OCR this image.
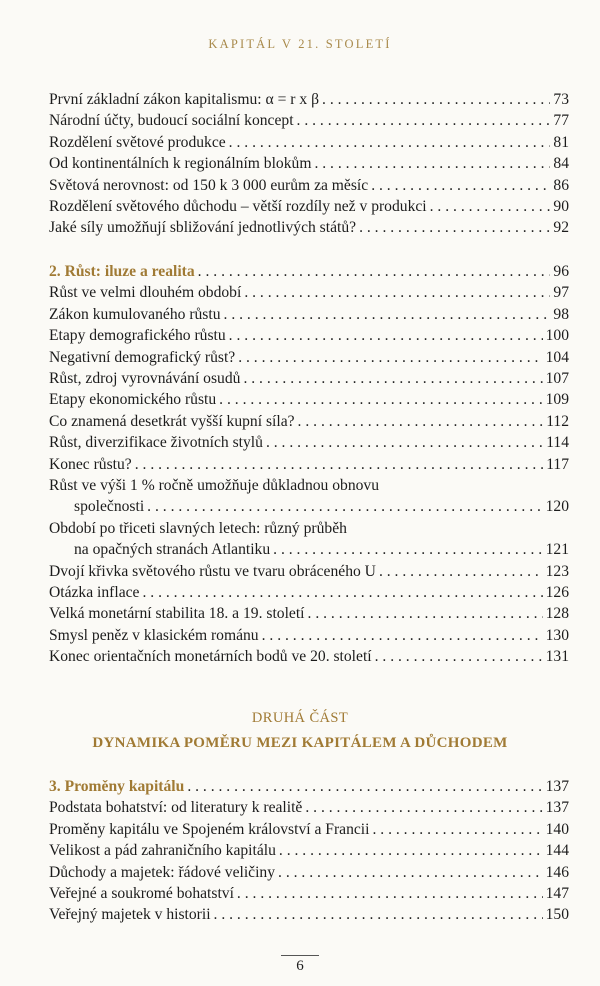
KAPITÁL V 21. STOLETÍ
První základní zákon kapitalismu: α = r x β . . .	73
Národní účty, budoucí sociální koncept . . .	77
Rozdělení světové produkce . . .	81
Od kontinentálních k regionálním blokům . . .	84
Světová nerovnost: od 150 k 3 000 eurům za měsíc . . .	86
Rozdělení světového důchodu – větší rozdíly než v produkci . . .	90
Jaké síly umožňují sbližování jednotlivých států? . . .	92
2. Růst: iluze a realita . . .	96
Růst ve velmi dlouhém období . . .	97
Zákon kumulovaného růstu . . .	98
Etapy demografického růstu . . .	100
Negativní demografický růst? . . .	104
Růst, zdroj vyrovnávání osudů . . .	107
Etapy ekonomického růstu . . .	109
Co znamená desetkrát vyšší kupní síla? . . .	112
Růst, diverzifikace životních stylů . . .	114
Konec růstu? . . .	117
Růst ve výši 1 % ročně umožňuje důkladnou obnovu
společnosti . . .	120
Období po třiceti slavných letech: různý průběh
na opačných stranách Atlantiku . . .	121
Dvojí křivka světového růstu ve tvaru obráceného U . . .	123
Otázka inflace . . .	126
Velká monetární stabilita 18. a 19. století . . .	128
Smysl peněz v klasickém románu . . .	130
Konec orientačních monetárních bodů ve 20. století . . .	131
DRUHÁ ČÁST
DYNAMIKA POMĚRU MEZI KAPITÁLEM A DŮCHODEM
3. Proměny kapitálu . . .	137
Podstata bohatství: od literatury k realitě . . .	137
Proměny kapitálu ve Spojeném království a Francii . . .	140
Velikost a pád zahraničního kapitálu . . .	144
Důchody a majetek: řádové veličiny . . .	146
Veřejné a soukromé bohatství . . .	147
Veřejný majetek v historii . . .	150
6
